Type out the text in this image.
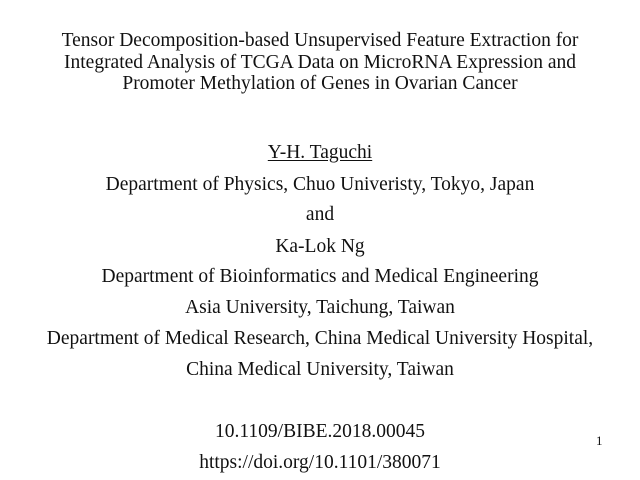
Tensor Decomposition-based Unsupervised Feature Extraction for
Integrated Analysis of TCGA Data on MicroRNA Expression and
Promoter Methylation of Genes in Ovarian Cancer
Y-H. Taguchi
Department of Physics, Chuo Univeristy, Tokyo, Japan
and
Ka-Lok Ng
Department of Bioinformatics and Medical Engineering
Asia University, Taichung, Taiwan
Department of Medical Research, China Medical University Hospital,
China Medical University, Taiwan
10.1109/BIBE.2018.00045
https://doi.org/10.1101/380071
1
